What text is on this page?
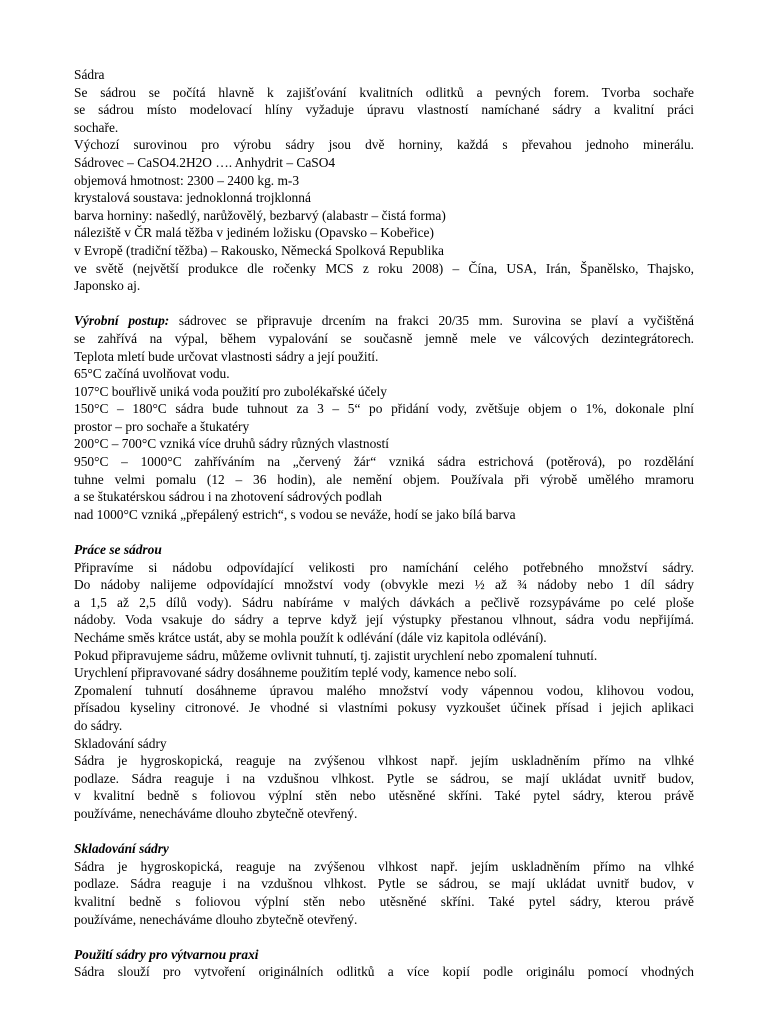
Sádra
Se sádrou se počítá hlavně k zajišťování kvalitních odlitků a pevných forem. Tvorba sochaře
se sádrou místo modelovací hlíny vyžaduje úpravu vlastností namíchané sádry a kvalitní práci
sochaře.
Výchozí surovinou pro výrobu sádry jsou dvě horniny, každá s převahou jednoho minerálu.
Sádrovec – CaSO4.2H2O …. Anhydrit – CaSO4
objemová hmotnost: 2300 – 2400 kg. m-3
krystalová soustava: jednoklonná trojklonná
barva horniny: našedlý, narůžovělý, bezbarvý (alabastr – čistá forma)
náleziště v ČR malá těžba v jediném ložisku (Opavsko – Kobeřice)
v Evropě (tradiční těžba) – Rakousko, Německá Spolková Republika
ve světě (největší produkce dle ročenky MCS z roku 2008) – Čína, USA, Irán, Španělsko, Thajsko,
Japonsko aj.
Výrobní postup: sádrovec se připravuje drcením na frakci 20/35 mm. Surovina se plaví a vyčištěná
se zahřívá na výpal, během vypalování se současně jemně mele ve válcových dezintegrátorech.
Teplota mletí bude určovat vlastnosti sádry a její použití.
65°C začíná uvolňovat vodu.
107°C bouřlivě uniká voda použití pro zubolékařské účely
150°C – 180°C sádra bude tuhnout za 3 – 5“ po přidání vody, zvětšuje objem o 1%, dokonale plní
prostor – pro sochaře a štukatéry
200°C – 700°C vzniká více druhů sádry různých vlastností
950°C – 1000°C zahříváním na „červený žár“ vzniká sádra estrichová (potěrová), po rozdělání
tuhne velmi pomalu (12 – 36 hodin), ale nemění objem. Používala při výrobě umělého mramoru
a se štukatérskou sádrou i na zhotovení sádrových podlah
nad 1000°C vzniká „přepálený estrich“, s vodou se neváže, hodí se jako bílá barva
Práce se sádrou
Připravíme si nádobu odpovídající velikosti pro namíchání celého potřebného množství sádry.
Do nádoby nalijeme odpovídající množství vody (obvykle mezi ½ až ¾ nádoby nebo 1 díl sádry
a 1,5 až 2,5 dílů vody). Sádru nabíráme v malých dávkách a pečlivě rozsypáváme po celé ploše
nádoby. Voda vsakuje do sádry a teprve když její výstupky přestanou vlhnout, sádra vodu nepřijímá.
Necháme směs krátce ustát, aby se mohla použít k odlévání (dále viz kapitola odlévání).
Pokud připravujeme sádru, můžeme ovlivnit tuhnutí, tj. zajistit urychlení nebo zpomalení tuhnutí.
Urychlení připravované sádry dosáhneme použitím teplé vody, kamence nebo solí.
Zpomalení tuhnutí dosáhneme úpravou malého množství vody vápennou vodou, klihovou vodou,
přísadou kyseliny citronové. Je vhodné si vlastními pokusy vyzkoušet účinek přísad i jejich aplikaci
do sádry.
Skladování sádry
Sádra je hygroskopická, reaguje na zvýšenou vlhkost např. jejím uskladněním přímo na vlhké
podlaze. Sádra reaguje i na vzdušnou vlhkost. Pytle se sádrou, se mají ukládat uvnitř budov,
v kvalitní bedně s foliovou výplní stěn nebo utěsněné skříni. Také pytel sádry, kterou právě
používáme, nenecháváme dlouho zbytečně otevřený.
Skladování sádry
Sádra je hygroskopická, reaguje na zvýšenou vlhkost např. jejím uskladněním přímo na vlhké
podlaze. Sádra reaguje i na vzdušnou vlhkost. Pytle se sádrou, se mají ukládat uvnitř budov, v
kvalitní bedně s foliovou výplní stěn nebo utěsněné skříni. Také pytel sádry, kterou právě
používáme, nenecháváme dlouho zbytečně otevřený.
Použití sádry pro výtvarnou praxi
Sádra slouží pro vytvoření originálních odlitků a více kopií podle originálu pomocí vhodných
